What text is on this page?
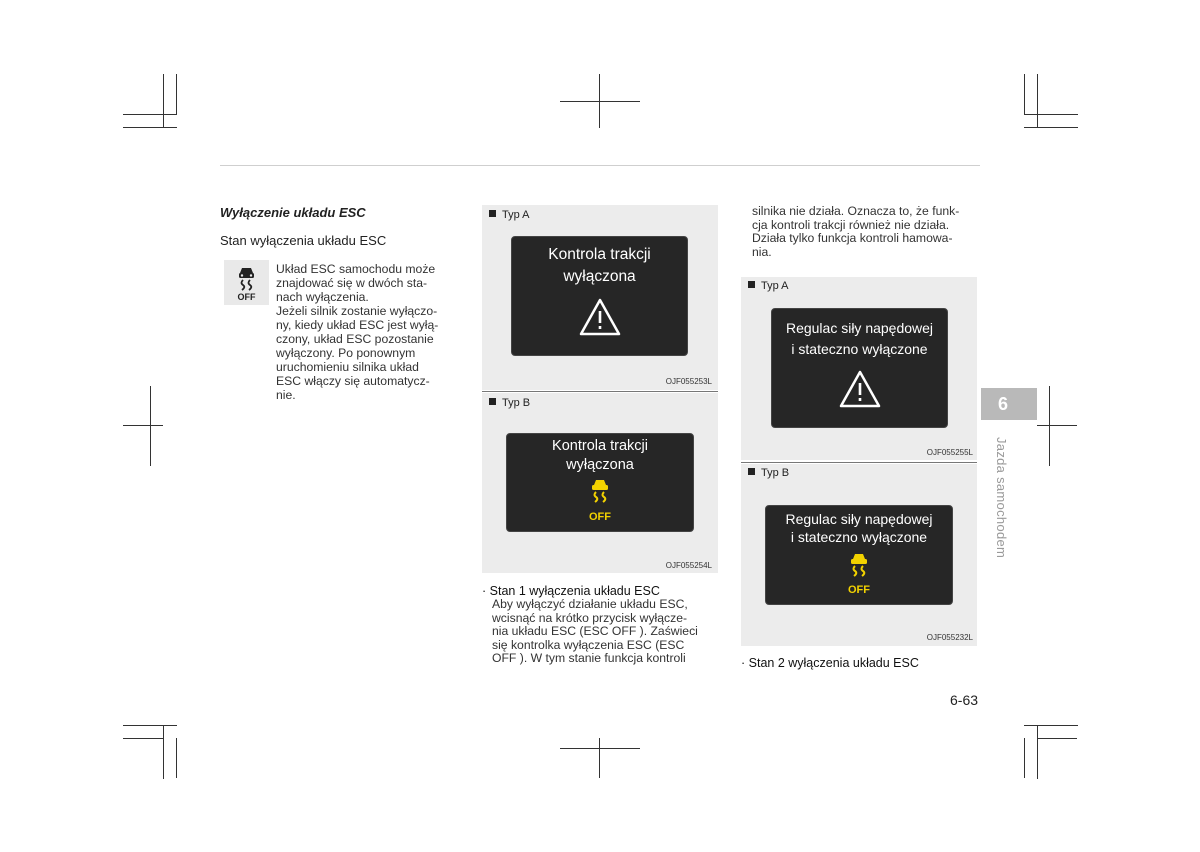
Wyłączenie układu ESC
Stan wyłączenia układu ESC
OFF
Układ ESC samochodu może
znajdować się w dwóch sta-
nach wyłączenia.
Jeżeli silnik zostanie wyłączo-
ny, kiedy układ ESC jest wyłą-
czony, układ ESC pozostanie
wyłączony. Po ponownym
uruchomieniu silnika układ
ESC włączy się automatycz-
nie.
Typ A
Kontrola trakcji
wyłączona
OJF055253L
Typ B
Kontrola trakcji
wyłączona
OFF
OJF055254L
· Stan 1 wyłączenia układu ESC
Aby wyłączyć działanie układu ESC,
wcisnąć na krótko przycisk wyłącze-
nia układu ESC (ESC OFF ). Zaświeci
się kontrolka wyłączenia ESC (ESC
OFF ). W tym stanie funkcja kontroli
silnika nie działa. Oznacza to, że funk-
cja kontroli trakcji również nie działa.
Działa tylko funkcja kontroli hamowa-
nia.
Typ A
Regulac siły napędowej
i stateczno wyłączone
OJF055255L
Typ B
Regulac siły napędowej
i stateczno wyłączone
OFF
OJF055232L
· Stan 2 wyłączenia układu ESC
6
Jazda samochodem
6-63
